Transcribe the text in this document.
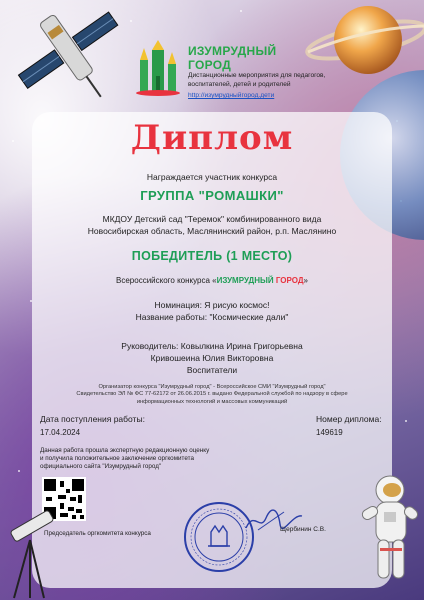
ИЗУМРУДНЫЙ
ГОРОД
Дистанционные мероприятия для педагогов, воспитателей, детей и родителей
http://изумрудныйгород.дети
Диплом
Награждается участник конкурса
ГРУППА "РОМАШКИ"
МКДОУ Детский сад "Теремок" комбинированного вида
Новосибирская область, Маслянинский район, р.п. Маслянино
ПОБЕДИТЕЛЬ (1 МЕСТО)
Всероссийского конкурса «ИЗУМРУДНЫЙ ГОРОД»
Номинация: Я рисую космос!
Название работы: "Космические дали"
Руководитель: Ковылкина Ирина Григорьевна
Кривошеина Юлия Викторовна
Воспитатели
Организатор конкурса "Изумрудный город" - Всероссийское СМИ "Изумрудный город"
Свидетельство ЭЛ № ФС 77-62172 от 26.06.2015 г. выдано Федеральной службой по надзору в сфере
информационных технологий и массовых коммуникаций
Дата поступления работы:
17.04.2024
Номер диплома:
149619
Данная работа прошла экспертную редакционную оценку
и получила положительное заключение оргкомитета
официального сайта "Изумрудный город"
Председатель оргкомитета конкурса
Щербинин С.В.
